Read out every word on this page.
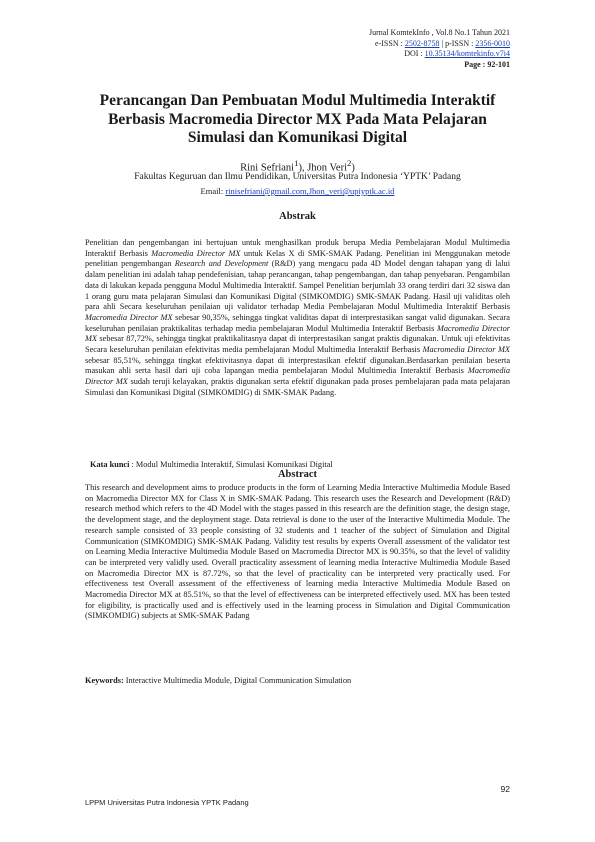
Jurnal KomtekInfo , Vol.8 No.1 Tahun 2021
e-ISSN : 2502-8758 | p-ISSN : 2356-0010
DOI : 10.35134/komtekinfo.v7i4
Page : 92-101
Perancangan Dan Pembuatan Modul Multimedia Interaktif
Berbasis Macromedia Director MX Pada Mata Pelajaran
Simulasi dan Komunikasi Digital
Rini Sefriani$^1$), Jhon Veri$^2$)
Fakultas Keguruan dan Ilmu Pendidikan, Universitas Putra Indonesia ‘YPTK’ Padang
Email: rinisefriani@gmail.com,Jhon_veri@upiyptk.ac.id
Abstrak
Penelitian dan pengembangan ini bertujuan untuk menghasilkan produk berupa Media Pembelajaran Modul Multimedia Interaktif Berbasis Macromedia Director MX untuk Kelas X di SMK-SMAK Padang. Penelitian ini Menggunakan metode penelitian pengembangan Research and Development (R&D) yang mengacu pada 4D Model dengan tahapan yang di lalui dalam penelitian ini adalah tahap pendefenisian, tahap perancangan, tahap pengembangan, dan tahap penyebaran. Pengambilan data di lakukan kepada pengguna Modul Multimedia Interaktif. Sampel Penelitian berjumlah 33 orang terdiri dari 32 siswa dan 1 orang guru mata pelajaran Simulasi dan Komunikasi Digital (SIMKOMDIG) SMK-SMAK Padang. Hasil uji validitas oleh para ahli Secara keseluruhan penilaian uji validator terhadap Media Pembelajaran Modul Multimedia Interaktif Berbasis Macromedia Director MX sebesar 90,35%, sehingga tingkat validitas dapat di interprestasikan sangat valid digunakan. Secara keseluruhan penilaian praktikalitas terhadap media pembelajaran Modul Multimedia Interaktif Berbasis Macromedia Director MX sebesar 87,72%, sehingga tingkat praktikalitasnya dapat di interprestasikan sangat praktis digunakan. Untuk uji efektivitas Secara keseluruhan penilaian efektivitas media pembelajaran Modul Multimedia Interaktif Berbasis Macromedia Director MX sebesar 85,51%, sehingga tingkat efektivitasnya dapat di interprestasikan efektif digunakan.Berdasarkan penilaian beserta masukan ahli serta hasil dari uji coba lapangan media pembelajaran Modul Multimedia Interaktif Berbasis Macromedia Director MX sudah teruji kelayakan, praktis digunakan serta efektif digunakan pada proses pembelajaran pada mata pelajaran Simulasi dan Komunikasi Digital (SIMKOMDIG) di SMK-SMAK Padang.
Kata kunci : Modul Multimedia Interaktif, Simulasi Komunikasi Digital
Abstract
This research and development aims to produce products in the form of Learning Media Interactive Multimedia Module Based on Macromedia Director MX for Class X in SMK-SMAK Padang. This research uses the Research and Development (R&D) research method which refers to the 4D Model with the stages passed in this research are the definition stage, the design stage, the development stage, and the deployment stage. Data retrieval is done to the user of the Interactive Multimedia Module. The research sample consisted of 33 people consisting of 32 students and 1 teacher of the subject of Simulation and Digital Communication (SIMKOMDIG) SMK-SMAK Padang. Validity test results by experts Overall assessment of the validator test on Learning Media Interactive Multimedia Module Based on Macromedia Director MX is 90.35%, so that the level of validity can be interpreted very validly used. Overall practicality assessment of learning media Interactive Multimedia Module Based on Macromedia Director MX is 87.72%, so that the level of practicality can be interpreted very practically used. For effectiveness test Overall assessment of the effectiveness of learning media Interactive Multimedia Module Based on Macromedia Director MX at 85.51%, so that the level of effectiveness can be interpreted effectively used. MX has been tested for eligibility, is practically used and is effectively used in the learning process in Simulation and Digital Communication (SIMKOMDIG) subjects at SMK-SMAK Padang
Keywords: Interactive Multimedia Module, Digital Communication Simulation
92
LPPM Universitas Putra Indonesia YPTK Padang
